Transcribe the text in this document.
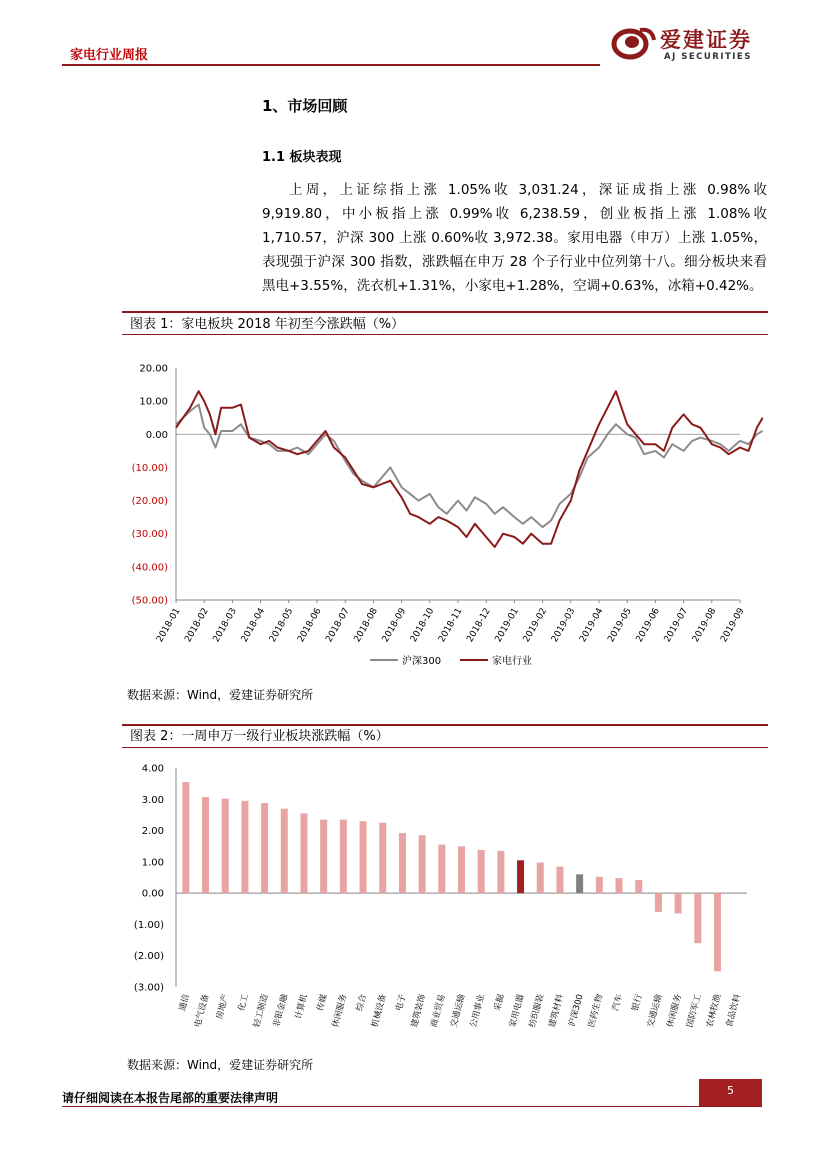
家电行业周报
爱建证券
AJ SECURITIES
1、市场回顾
1.1 板块表现
上周，上证综指上涨 1.05%收 3,031.24，深证成指上涨 0.98%收 9,919.80，中小板指上涨 0.99%收 6,238.59，创业板指上涨 1.08%收 1,710.57，沪深 300 上涨 0.60%收 3,972.38。家用电器（申万）上涨 1.05%，表现强于沪深 300 指数，涨跌幅在申万 28 个子行业中位列第十八。细分板块来看黑电+3.55%，洗衣机+1.31%，小家电+1.28%，空调+0.63%，冰箱+0.42%。
图表 1：家电板块 2018 年初至今涨跌幅（%）
20.00
10.00
0.00
(10.00)
(20.00)
(30.00)
(40.00)
(50.00)
2018-01 2018-02 2018-03 2018-04 2018-05 2018-06 2018-07 2018-08 2018-09 2018-10 2018-11 2018-12 2019-01 2019-02 2019-03 2019-04 2019-05 2019-06 2019-07 2019-08 2019-09
沪深300	家电行业
数据来源：Wind，爱建证券研究所
图表 2：一周申万一级行业板块涨跌幅（%）
4.00
3.00
2.00
1.00
0.00
(1.00)
(2.00)
(3.00)
通信 电气设备 房地产 化工 轻工制造 非银金融 计算机 传媒 休闲服务 综合 机械设备 电子 建筑装饰 商业贸易 交通运输 公用事业 采掘 家用电器 纺织服装 建筑材料 沪深300 医药生物 汽车 银行 交通运输 休闲服务 国防军工 农林牧渔 食品饮料
数据来源：Wind，爱建证券研究所
请仔细阅读在本报告尾部的重要法律声明
5
